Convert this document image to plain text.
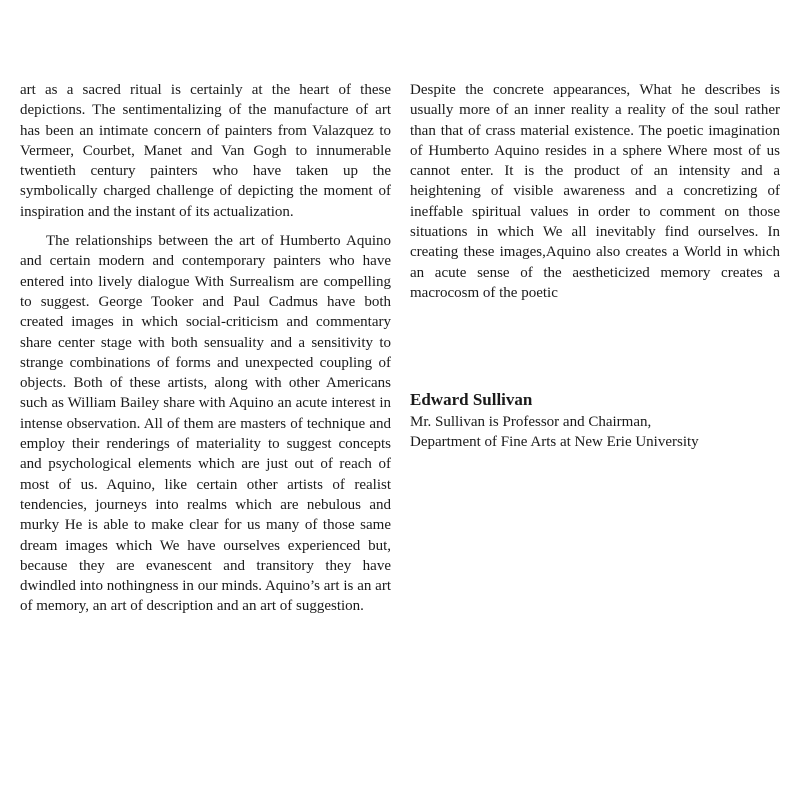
art as a sacred ritual is certainly at the heart of these depictions. The sentimentalizing of the manufacture of art has been an intimate concern of painters from Valazquez to Vermeer, Courbet, Manet and Van Gogh to innumerable twentieth century painters who have taken up the symbolically charged challenge of depicting the moment of inspiration and the instant of its actualization.

The relationships between the art of Humberto Aquino and certain modern and contemporary painters who have entered into lively dialogue With Surrealism are compelling to suggest. George Tooker and Paul Cadmus have both created images in which social-criticism and commentary share center stage with both sensuality and a sensitivity to strange combinations of forms and unexpected coupling of objects. Both of these artists, along with other Americans such as William Bailey share with Aquino an acute interest in intense observation. All of them are masters of technique and employ their renderings of materiality to suggest concepts and psychological elements which are just out of reach of most of us. Aquino, like certain other artists of realist tendencies, journeys into realms which are nebulous and murky He is able to make clear for us many of those same dream images which We have ourselves experienced but, because they are evanescent and transitory they have dwindled into nothingness in our minds. Aquino’s art is an art of memory, an art of description and an art of suggestion.

Despite the concrete appearances, What he describes is usually more of an inner reality a reality of the soul rather than that of crass material existence. The poetic imagination of Humberto Aquino resides in a sphere Where most of us cannot enter. It is the product of an intensity and a heightening of visible awareness and a concretizing of ineffable spiritual values in order to comment on those situations in which We all inevitably find ourselves. In creating these images,Aquino also creates a World in which an acute sense of the aestheticized memory creates a macrocosm of the poetic

Edward Sullivan

Mr. Sullivan is Professor and Chairman,
Department of Fine Arts at New Erie University
